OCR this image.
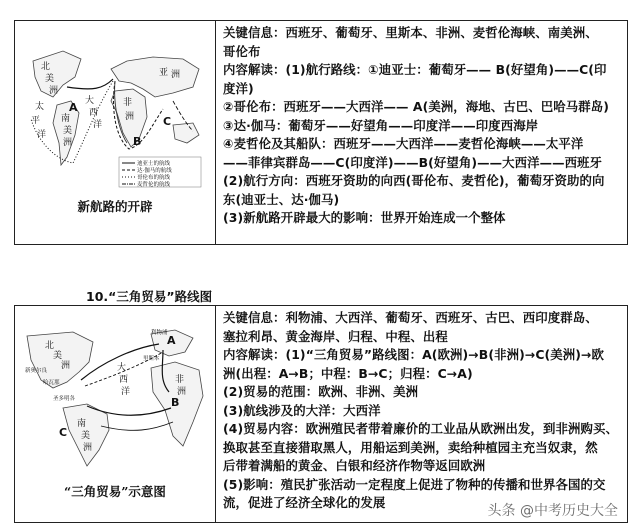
北
美
洲
南
美
洲
大
西
洋
太
平
洋
非
洲
亚 洲
A
B
C
迪亚士的航线
达·伽马的航线
哥伦布的航线
麦哲伦的航线
新航路的开辟
关键信息：西班牙、葡萄牙、里斯本、非洲、麦哲伦海峡、南美洲、
哥伦布
内容解读：(1)航行路线：①迪亚士：葡萄牙—— B(好望角)——C(印
度洋)
②哥伦布：西班牙——大西洋—— A(美洲，海地、古巴、巴哈马群岛)
③达·伽马：葡萄牙——好望角——印度洋——印度西海岸
④麦哲伦及其船队：西班牙——大西洋——麦哲伦海峡——太平洋
——菲律宾群岛——C(印度洋)——B(好望角)——大西洋——西班牙
(2)航行方向：西班牙资助的向西(哥伦布、麦哲伦)，葡萄牙资助的向
东(迪亚士、达·伽马)
(3)新航路开辟最大的影响：世界开始连成一个整体
10.“三角贸易”路线图
北
美
洲	大
西
洋
非
洲
南
美
洲
A
B
C
圣多明各
哈瓦那
新奥尔良
里斯本
利物浦
“三角贸易”示意图
关键信息：利物浦、大西洋、葡萄牙、西班牙、古巴、西印度群岛、
塞拉利昂、黄金海岸、归程、中程、出程
内容解读：(1)“三角贸易”路线图：A(欧洲)→B(非洲)→C(美洲)→欧
洲(出程：A→B；中程：B→C；归程：C→A)
(2)贸易的范围：欧洲、非洲、美洲
(3)航线涉及的大洋：大西洋
(4)贸易内容：欧洲殖民者带着廉价的工业品从欧洲出发，到非洲购买、
换取甚至直接猎取黑人，用船运到美洲，卖给种植园主充当奴隶，然
后带着满船的黄金、白银和经济作物等返回欧洲
(5)影响：殖民扩张活动一定程度上促进了物种的传播和世界各国的交
流，促进了经济全球化的发展
头条 @中考历史大全
